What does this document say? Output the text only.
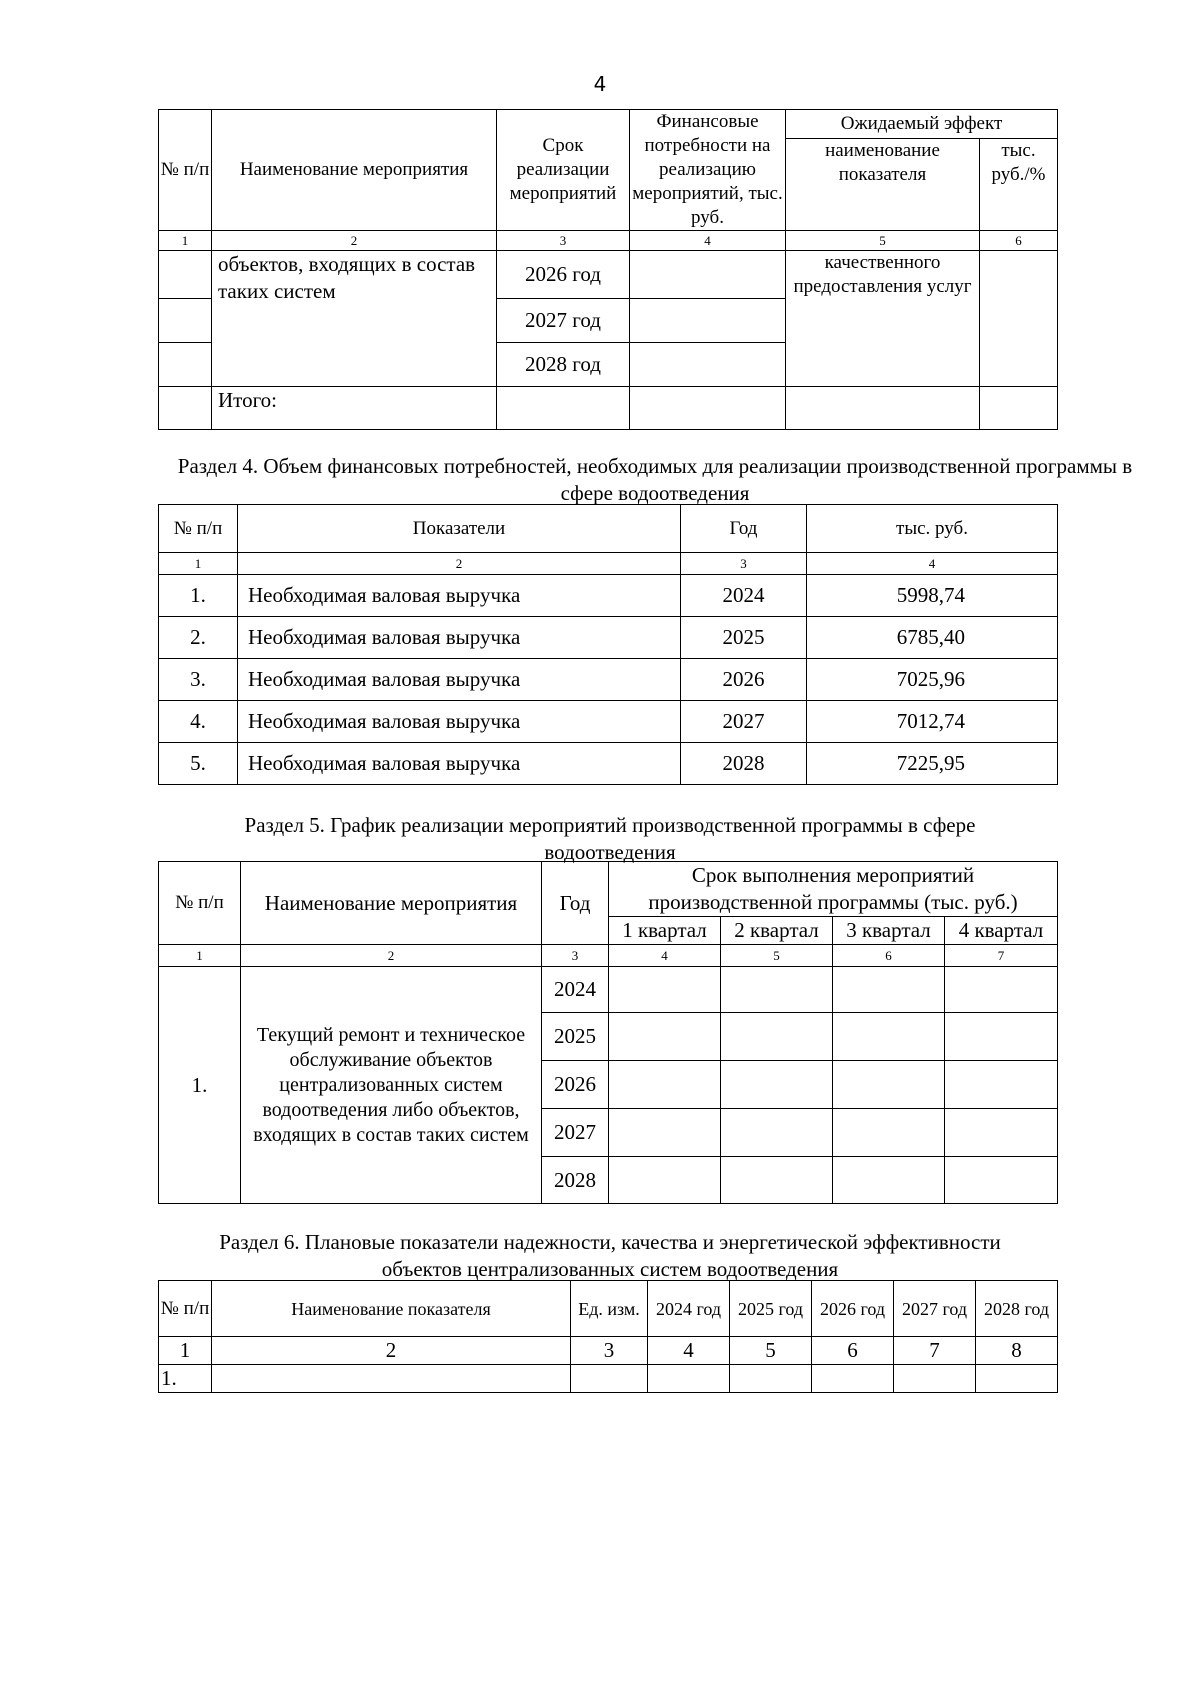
4
№ п/п	Наименование мероприятия	Срок реализации мероприятий	Финансовые потребности на реализацию мероприятий, тыс. руб.	Ожидаемый эффект	
				наименование показателя	тыс. руб./%
1	2	3	4	5	6
	объектов, входящих в состав таких систем	2026 год		качественного предоставления услуг	
		2027 год			
		2028 год			
	Итого:				
Раздел 4. Объем финансовых потребностей, необходимых для реализации производственной программы в сфере водоотведения
№ п/п	Показатели	Год	тыс. руб.
1	2	3	4
1.	Необходимая валовая выручка	2024	5998,74
2.	Необходимая валовая выручка	2025	6785,40
3.	Необходимая валовая выручка	2026	7025,96
4.	Необходимая валовая выручка	2027	7012,74
5.	Необходимая валовая выручка	2028	7225,95
Раздел 5. График реализации мероприятий производственной программы в сфере водоотведения
№ п/п	Наименование мероприятия	Год	Срок выполнения мероприятий производственной программы (тыс. руб.)			
			1 квартал	2 квартал	3 квартал	4 квартал
1	2	3	4	5	6	7
1.	Текущий ремонт и техническое обслуживание объектов централизованных систем водоотведения либо объектов, входящих в состав таких систем	2024				
		2025				
		2026				
		2027				
		2028				
Раздел 6. Плановые показатели надежности, качества и энергетической эффективности объектов централизованных систем водоотведения
№ п/п	Наименование показателя	Ед. изм.	2024 год	2025 год	2026 год	2027 год	2028 год
1	2	3	4	5	6	7	8
1.							
